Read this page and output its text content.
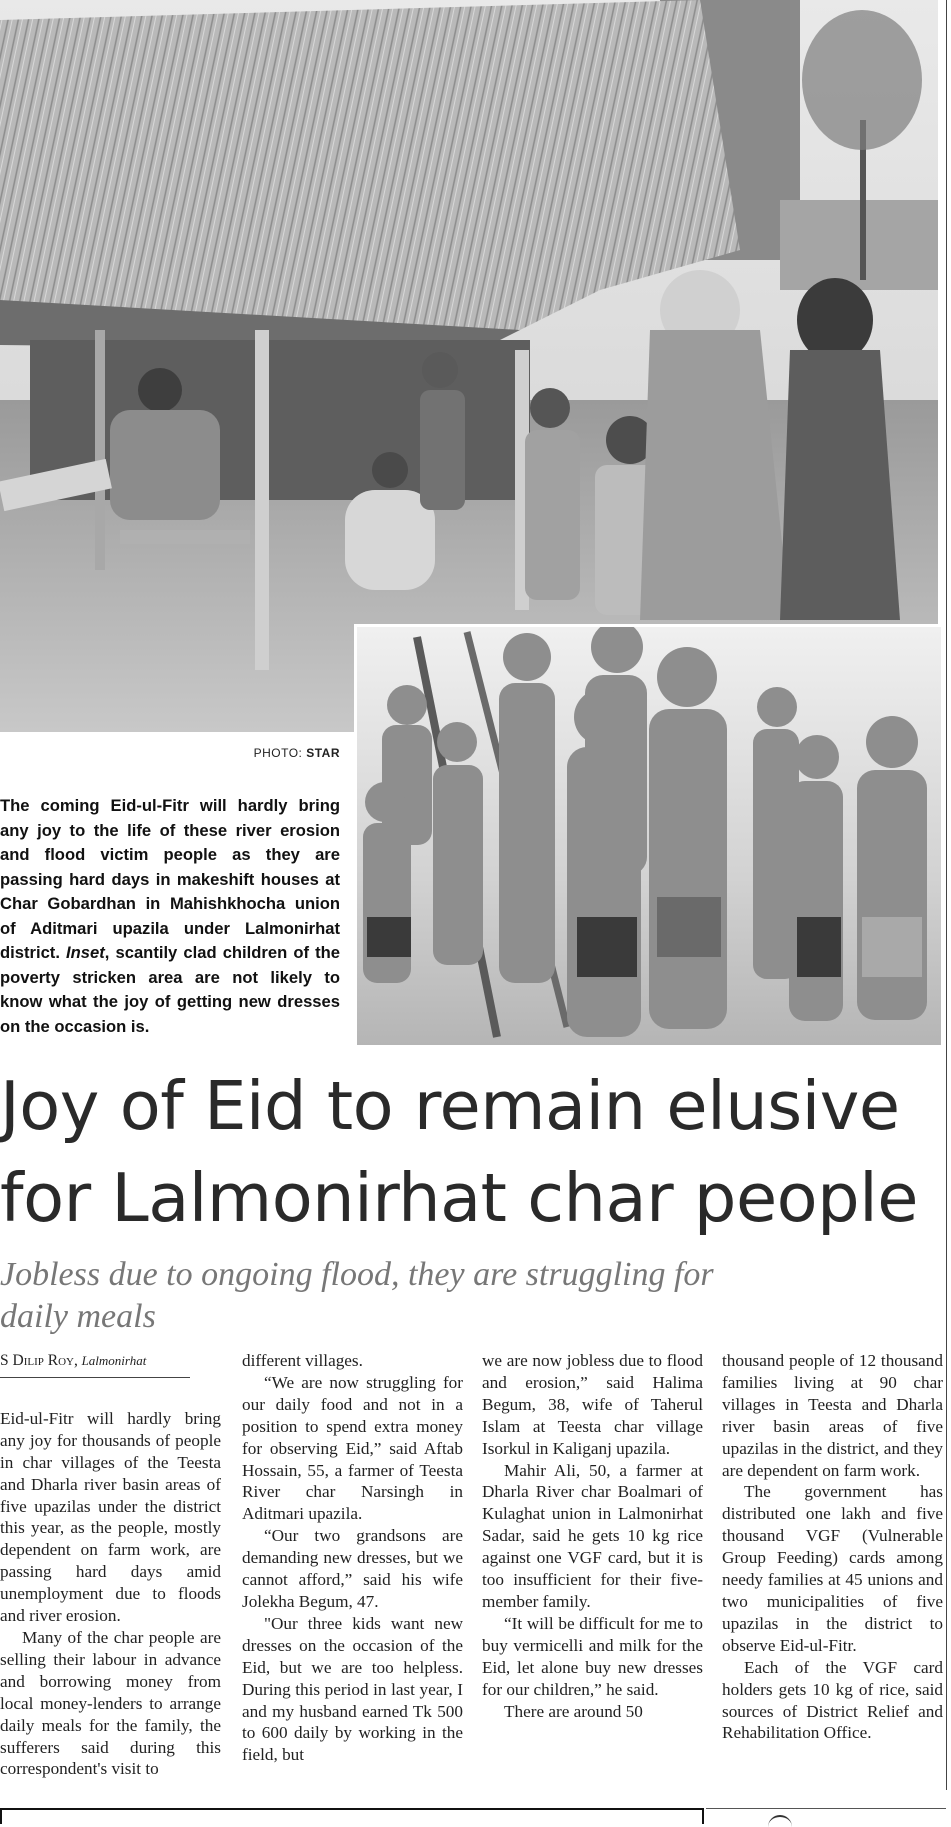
PHOTO: STAR
The coming Eid-ul-Fitr will hardly bring any joy to the life of these river erosion and flood victim people as they are passing hard days in makeshift houses at Char Gobardhan in Mahishkhocha union of Aditmari upazila under Lalmonirhat district. Inset, scantily clad children of the poverty stricken area are not likely to know what the joy of getting new dresses on the occasion is.
Joy of Eid to remain elusive for Lalmonirhat char people
Jobless due to ongoing flood, they are struggling for daily meals
S Dilip Roy, Lalmonirhat

Eid-ul-Fitr will hardly bring any joy for thousands of people in char villages of the Teesta and Dharla river basin areas of five upazilas under the district this year, as the people, mostly dependent on farm work, are passing hard days amid unemployment due to floods and river erosion.

Many of the char people are selling their labour in advance and borrowing money from local money-lenders to arrange daily meals for the family, the sufferers said during this correspondent's visit to

different villages.

“We are now struggling for our daily food and not in a position to spend extra money for observing Eid,” said Aftab Hossain, 55, a farmer of Teesta River char Narsingh in Aditmari upazila.

“Our two grandsons are demanding new dresses, but we cannot afford,” said his wife Jolekha Begum, 47.

"Our three kids want new dresses on the occasion of the Eid, but we are too helpless. During this period in last year, I and my husband earned Tk 500 to 600 daily by working in the field, but

we are now jobless due to flood and erosion,” said Halima Begum, 38, wife of Taherul Islam at Teesta char village Isorkul in Kaliganj upazila.

Mahir Ali, 50, a farmer at Dharla River char Boalmari of Kulaghat union in Lalmonirhat Sadar, said he gets 10 kg rice against one VGF card, but it is too insufficient for their five-member family.

“It will be difficult for me to buy vermicelli and milk for the Eid, let alone buy new dresses for our children,” he said.

There are around 50

thousand people of 12 thousand families living at 90 char villages in Teesta and Dharla river basin areas of five upazilas in the district, and they are dependent on farm work.

The government has distributed one lakh and five thousand VGF (Vulnerable Group Feeding) cards among needy families at 45 unions and two municipalities of five upazilas in the district to observe Eid-ul-Fitr.

Each of the VGF card holders gets 10 kg of rice, said sources of District Relief and Rehabilitation Office.
